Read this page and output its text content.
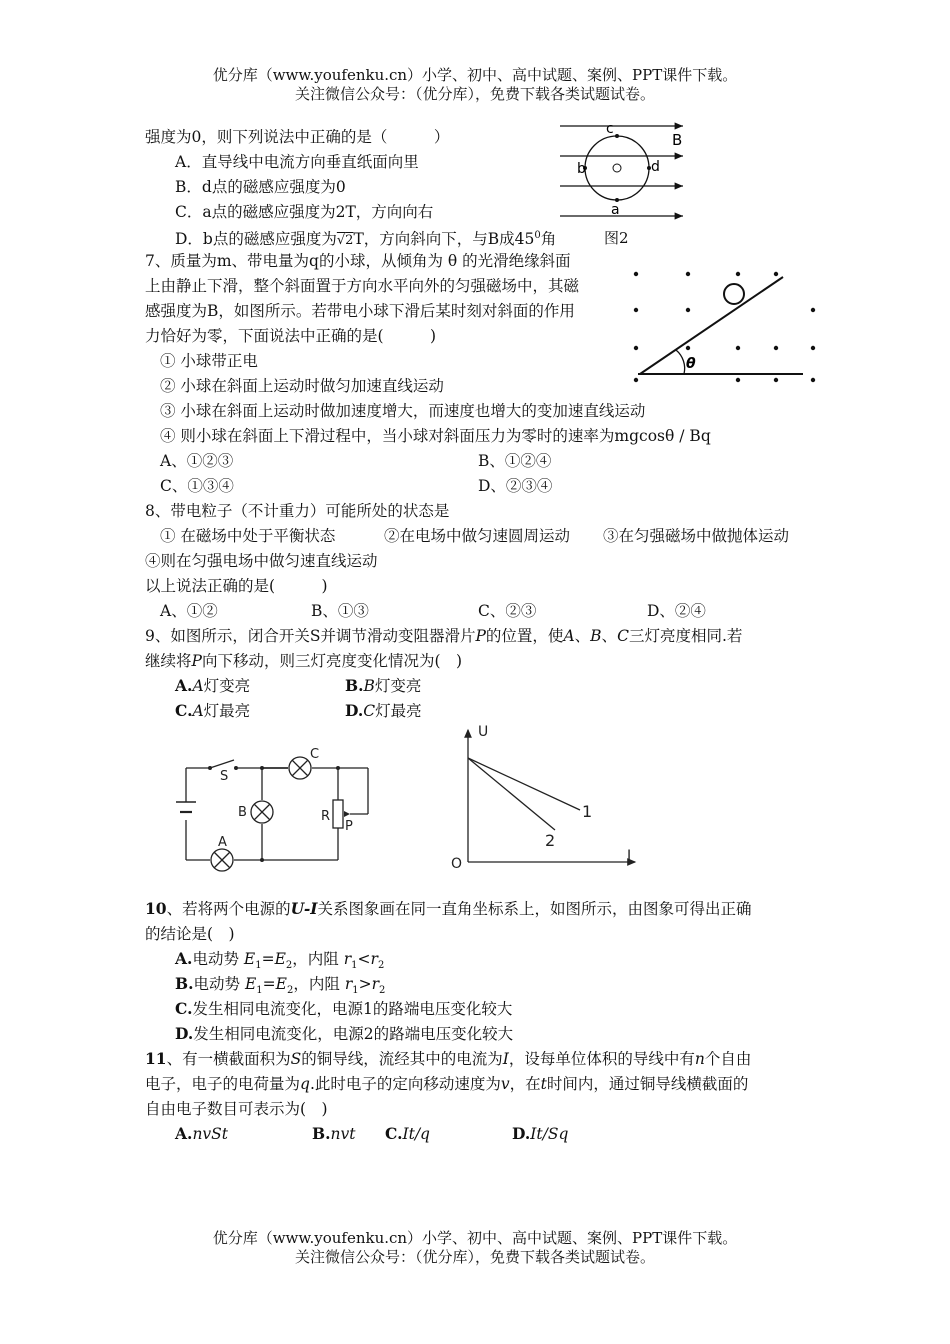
优分库（www.youfenku.cn）小学、初中、高中试题、案例、PPT课件下载。
关注微信公众号：（优分库），免费下载各类试题试卷。
强度为0，则下列说法中正确的是（　　　）
A．直导线中电流方向垂直纸面向里
B．d点的磁感应强度为0
C．a点的磁感应强度为2T，方向向右
D．b点的磁感应强度为√2T，方向斜向下，与B成$45^0$角
c
b	d
a
B
图2
7、质量为m、带电量为q的小球，从倾角为 θ 的光滑绝缘斜面
上由静止下滑，整个斜面置于方向水平向外的匀强磁场中，其磁
感强度为B，如图所示。若带电小球下滑后某时刻对斜面的作用
力恰好为零，下面说法中正确的是(　　　)
① 小球带正电
② 小球在斜面上运动时做匀加速直线运动
③ 小球在斜面上运动时做加速度增大，而速度也增大的变加速直线运动
④ 则小球在斜面上下滑过程中，当小球对斜面压力为零时的速率为mgcosθ / Bq
A、①②③	B、①②④
C、①③④	D、②③④
θ
8、带电粒子（不计重力）可能所处的状态是
① 在磁场中处于平衡状态	②在电场中做匀速圆周运动 ③在匀强磁场中做抛体运动
④则在匀强电场中做匀速直线运动
以上说法正确的是(　　　)
A、①②	B、①③	C、②③	D、②④
9、如图所示，闭合开关S并调节滑动变阻器滑片P的位置，使A、B、C三灯亮度相同.若
继续将P向下移动，则三灯亮度变化情况为(　)
A.A灯变亮	B.B灯变亮
C.A灯最亮	D.C灯最亮
S
C
B
A
R
P
U
I
O
1
2
10、若将两个电源的U-I关系图象画在同一直角坐标系上，如图所示，由图象可得出正确
的结论是(　)
A.电动势 $E_1=E_2$，内阻 $r_1<r_2$
B.电动势 $E_1=E_2$，内阻 $r_1>r_2$
C.发生相同电流变化，电源1的路端电压变化较大
D.发生相同电流变化，电源2的路端电压变化较大
11、有一横截面积为S的铜导线，流经其中的电流为I，设每单位体积的导线中有n个自由
电子，电子的电荷量为q.此时电子的定向移动速度为v，在t时间内，通过铜导线横截面的
自由电子数目可表示为(　)
A.nvSt	B.nvt C.It/q	D.It/Sq
优分库（www.youfenku.cn）小学、初中、高中试题、案例、PPT课件下载。
关注微信公众号：（优分库），免费下载各类试题试卷。
